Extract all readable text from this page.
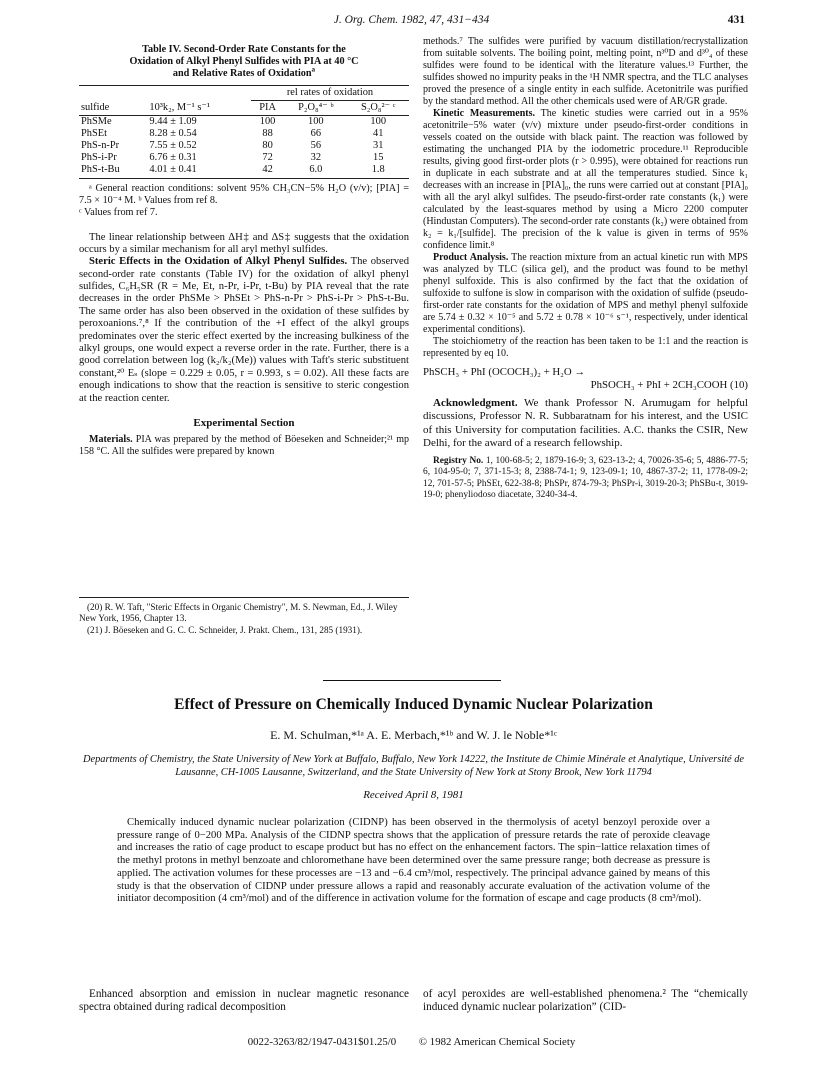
J. Org. Chem. 1982, 47, 431−434	431
Table IV. Second-Order Rate Constants for the
Oxidation of Alkyl Phenyl Sulfides with PIA at 40 °C
and Relative Rates of Oxidation$^a$
		rel rates of oxidation		
sulfide	10³k₂, M⁻¹ s⁻¹	PIA	P₂O₈⁴⁻ ᵇ	S₂O₈²⁻ ᶜ
PhSMe	9.44 ± 1.09	100	100	100
PhSEt	8.28 ± 0.54	88	66	41
PhS-n-Pr	7.55 ± 0.52	80	56	31
PhS-i-Pr	6.76 ± 0.31	72	32	15
PhS-t-Bu	4.01 ± 0.41	42	6.0	1.8

ᵃ General reaction conditions: solvent 95% CH₃CN−5% H₂O (v/v); [PIA] = 7.5 × 10⁻⁴ M. ᵇ Values from ref 8.

ᶜ Values from ref 7.

The linear relationship between ΔH‡ and ΔS‡ suggests that the oxidation occurs by a similar mechanism for all aryl methyl sulfides.

Steric Effects in the Oxidation of Alkyl Phenyl Sulfides. The observed second-order rate constants (Table IV) for the oxidation of alkyl phenyl sulfides, C₆H₅SR (R = Me, Et, n-Pr, i-Pr, t-Bu) by PIA reveal that the rate decreases in the order PhSMe > PhSEt > PhS-n-Pr > PhS-i-Pr > PhS-t-Bu. The same order has also been observed in the oxidation of these sulfides by peroxoanions.⁷,⁸ If the contribution of the +I effect of the alkyl groups predominates over the steric effect exerted by the increasing bulkiness of the alkyl groups, one would expect a reverse order in the rate. Further, there is a good correlation between log (k₂/k₂(Me)) values with Taft's steric substituent constant,²⁰ Eₛ (slope = 0.229 ± 0.05, r = 0.993, s = 0.02). All these facts are enough indications to show that the reaction is sensitive to steric congestion at the reaction center.

Experimental Section

Materials. PIA was prepared by the method of Böeseken and Schneider;²¹ mp 158 °C. All the sulfides were prepared by known

(20) R. W. Taft, "Steric Effects in Organic Chemistry", M. S. Newman, Ed., J. Wiley New York, 1956, Chapter 13.

(21) J. Böeseken and G. C. C. Schneider, J. Prakt. Chem., 131, 285 (1931).

methods.⁷ The sulfides were purified by vacuum distillation/recrystallization from suitable solvents. The boiling point, melting point, n³⁰D and d³⁰₄ of these sulfides were found to be identical with the literature values.¹³ Further, the sulfides showed no impurity peaks in the ¹H NMR spectra, and the TLC analyses proved the presence of a single entity in each sulfide. Acetonitrile was purified by the standard method. All the other chemicals used were of AR/GR grade.

Kinetic Measurements. The kinetic studies were carried out in a 95% acetonitrile−5% water (v/v) mixture under pseudo-first-order conditions in vessels coated on the outside with black paint. The reaction was followed by estimating the unchanged PIA by the iodometric procedure.¹¹ Reproducible results, giving good first-order plots (r > 0.995), were obtained for reactions run in duplicate in each substrate and at all the temperatures studied. Since k₁ decreases with an increase in [PIA]₀, the runs were carried out at constant [PIA]₀ with all the aryl alkyl sulfides. The pseudo-first-order rate constants (k₁) were calculated by the least-squares method by using a Micro 2200 computer (Hindustan Computers). The second-order rate constants (k₂) were obtained from k₂ = k₁/[sulfide]. The precision of the k value is given in terms of 95% confidence limit.⁸

Product Analysis. The reaction mixture from an actual kinetic run with MPS was analyzed by TLC (silica gel), and the product was found to be methyl phenyl sulfoxide. This is also confirmed by the fact that the oxidation of sulfoxide to sulfone is slow in comparison with the oxidation of sulfide (pseudo-first-order rate constants for the oxidation of MPS and methyl phenyl sulfoxide are 5.74 ± 0.32 × 10⁻⁵ and 5.72 ± 0.78 × 10⁻⁶ s⁻¹, respectively, under identical experimental conditions).

The stoichiometry of the reaction has been taken to be 1:1 and the reaction is represented by eq 10.

PhSCH₃ + PhI (OCOCH₃)₂ + H₂O →
PhSOCH₃ + PhI + 2CH₃COOH (10)

Acknowledgment. We thank Professor N. Arumugam for helpful discussions, Professor N. R. Subbaratnam for his interest, and the USIC of this University for computation facilities. A.C. thanks the CSIR, New Delhi, for the award of a research fellowship.

Registry No. 1, 100-68-5; 2, 1879-16-9; 3, 623-13-2; 4, 70026-35-6; 5, 4886-77-5; 6, 104-95-0; 7, 371-15-3; 8, 2388-74-1; 9, 123-09-1; 10, 4867-37-2; 11, 1778-09-2; 12, 701-57-5; PhSEt, 622-38-8; PhSPr, 874-79-3; PhSPr-i, 3019-20-3; PhSBu-t, 3019-19-0; phenyliodoso diacetate, 3240-34-4.

Effect of Pressure on Chemically Induced Dynamic Nuclear Polarization
E. M. Schulman,*¹ᵃ A. E. Merbach,*¹ᵇ and W. J. le Noble*¹ᶜ
Departments of Chemistry, the State University of New York at Buffalo, Buffalo, New York 14222, the Institute de Chimie Minérale et Analytique, Université de Lausanne, CH-1005 Lausanne, Switzerland, and the State University of New York at Stony Brook, New York 11794
Received April 8, 1981

Chemically induced dynamic nuclear polarization (CIDNP) has been observed in the thermolysis of acetyl benzoyl peroxide over a pressure range of 0−200 MPa. Analysis of the CIDNP spectra shows that the application of pressure retards the rate of peroxide cleavage and increases the ratio of cage product to escape product but has no effect on the enhancement factors. The spin−lattice relaxation times of the methyl protons in methyl benzoate and chloromethane have been determined over the same pressure range; both decrease as pressure is applied. The activation volumes for these processes are −13 and −6.4 cm³/mol, respectively. The principal advance gained by means of this study is that the observation of CIDNP under pressure allows a rapid and reasonably accurate evaluation of the activation volume of the initiator decomposition (4 cm³/mol) and of the difference in activation volume for the formation of escape and cage products (8 cm³/mol).

Enhanced absorption and emission in nuclear magnetic resonance spectra obtained during radical decomposition

of acyl peroxides are well-established phenomena.² The “chemically induced dynamic nuclear polarization” (CID-

0022-3263/82/1947-0431$01.25/0 © 1982 American Chemical Society
